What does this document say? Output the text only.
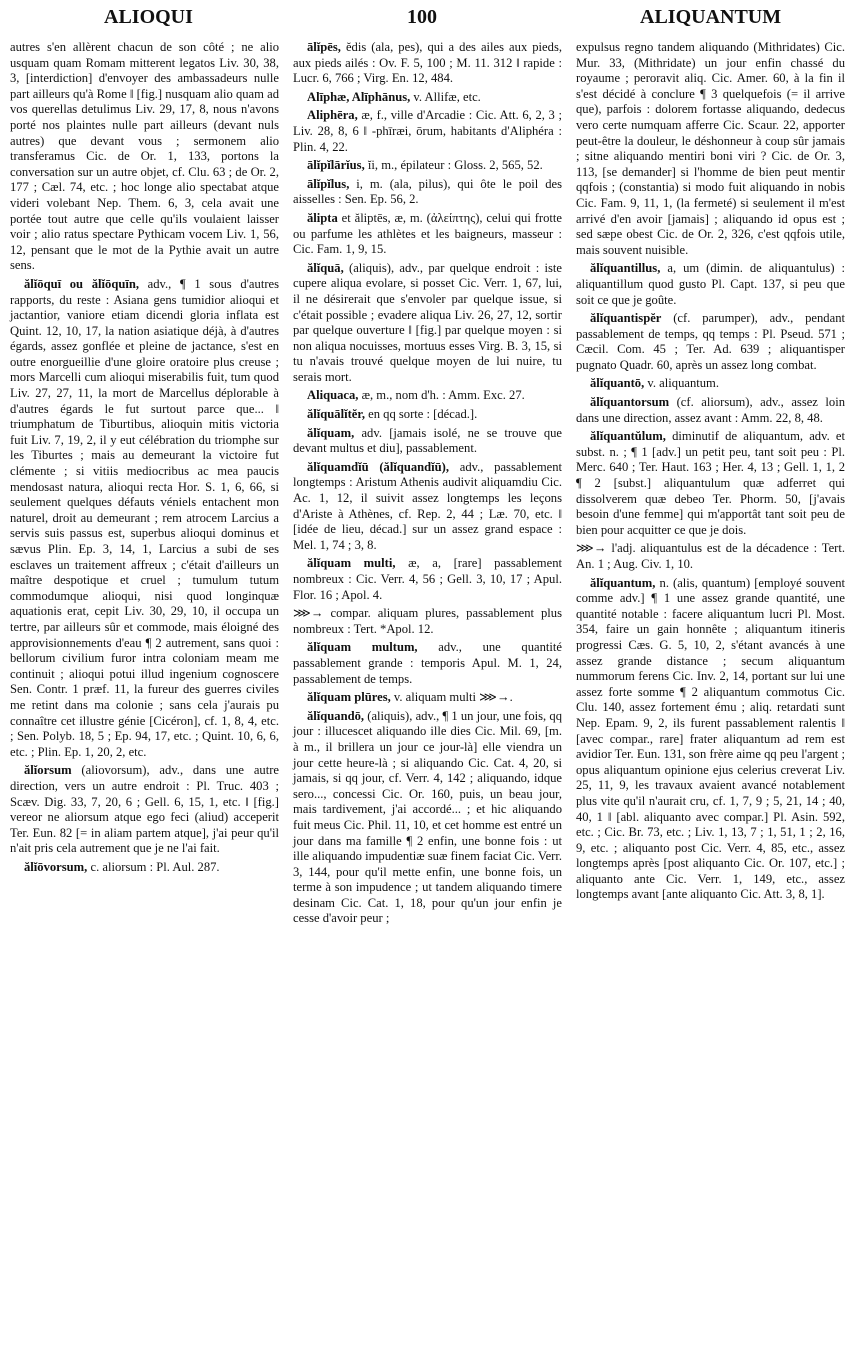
ALIOQUI	100	ALIQUANTUM

autres s'en allèrent chacun de son côté ; ne alio usquam quam Romam mitterent legatos Liv. 30, 38, 3, [interdiction] d'envoyer des ambassadeurs nulle part ailleurs qu'à Rome ‖ [fig.] nusquam alio quam ad vos querellas detulimus Liv. 29, 17, 8, nous n'avons porté nos plaintes nulle part ailleurs (devant nuls autres) que devant vous ; sermonem alio transferamus Cic. de Or. 1, 133, portons la conversation sur un autre objet, cf. Clu. 63 ; de Or. 2, 177 ; Cæl. 74, etc. ; hoc longe alio spectabat atque videri volebant Nep. Them. 6, 3, cela avait une portée tout autre que celle qu'ils voulaient laisser voir ; alio ratus spectare Pythicam vocem Liv. 1, 56, 12, pensant que le mot de la Pythie avait un autre sens.

ălĭōquī ou ălĭōquīn, adv., ¶ 1 sous d'autres rapports, du reste : Asiana gens tumidior alioqui et jactantior, vaniore etiam dicendi gloria inflata est Quint. 12, 10, 17, la nation asiatique déjà, à d'autres égards, assez gonflée et pleine de jactance, s'est en outre enorgueillie d'une gloire oratoire plus creuse ; mors Marcelli cum alioqui miserabilis fuit, tum quod Liv. 27, 27, 11, la mort de Marcellus déplorable à d'autres égards le fut surtout parce que... ‖ triumphatum de Tiburtibus, alioquin mitis victoria fuit Liv. 7, 19, 2, il y eut célébration du triomphe sur les Tiburtes ; mais au demeurant la victoire fut clémente ; si vitiis mediocribus ac mea paucis mendosast natura, alioqui recta Hor. S. 1, 6, 66, si seulement quelques défauts véniels entachent mon naturel, droit au demeurant ; rem atrocem Larcius a servis suis passus est, superbus alioqui dominus et sævus Plin. Ep. 3, 14, 1, Larcius a subi de ses esclaves un traitement affreux ; c'était d'ailleurs un maître despotique et cruel ; tumulum tutum commodumque alioqui, nisi quod longinquæ aquationis erat, cepit Liv. 30, 29, 10, il occupa un tertre, par ailleurs sûr et commode, mais éloigné des approvisionnements d'eau ¶ 2 autrement, sans quoi : bellorum civilium furor intra coloniam meam me continuit ; alioqui potui illud ingenium cognoscere Sen. Contr. 1 præf. 11, la fureur des guerres civiles me retint dans ma colonie ; sans cela j'aurais pu connaître cet illustre génie [Cicéron], cf. 1, 8, 4, etc. ; Sen. Polyb. 18, 5 ; Ep. 94, 17, etc. ; Quint. 10, 6, 6, etc. ; Plin. Ep. 1, 20, 2, etc.

ălĭorsum (aliovorsum), adv., dans une autre direction, vers un autre endroit : Pl. Truc. 403 ; Scæv. Dig. 33, 7, 20, 6 ; Gell. 6, 15, 1, etc. ‖ [fig.] vereor ne aliorsum atque ego feci (aliud) acceperit Ter. Eun. 82 [= in aliam partem atque], j'ai peur qu'il n'ait pris cela autrement que je ne l'ai fait.

ălĭōvorsum, c. aliorsum : Pl. Aul. 287.

ālĭpēs, ĕdis (ala, pes), qui a des ailes aux pieds, aux pieds ailés : Ov. F. 5, 100 ; M. 11. 312 ‖ rapide : Lucr. 6, 766 ; Virg. En. 12, 484.

Alīphæ, Alīphānus, v. Allifæ, etc.

Aliphēra, æ, f., ville d'Arcadie : Cic. Att. 6, 2, 3 ; Liv. 28, 8, 6 ‖ -phīræi, ōrum, habitants d'Aliphéra : Plin. 4, 22.

ālĭpĭlārĭus, ĭi, m., épilateur : Gloss. 2, 565, 52.

ālĭpĭlus, i, m. (ala, pilus), qui ôte le poil des aisselles : Sen. Ep. 56, 2.

ălipta et ăliptēs, æ, m. (ἀλείπτης), celui qui frotte ou parfume les athlètes et les baigneurs, masseur : Cic. Fam. 1, 9, 15.

ălĭquā, (aliquis), adv., par quelque endroit : iste cupere aliqua evolare, si posset Cic. Verr. 1, 67, lui, il ne désirerait que s'envoler par quelque issue, si c'était possible ; evadere aliqua Liv. 26, 27, 12, sortir par quelque ouverture ‖ [fig.] par quelque moyen : si non aliqua nocuisses, mortuus esses Virg. B. 3, 15, si tu n'avais trouvé quelque moyen de lui nuire, tu serais mort.

Aliquaca, æ, m., nom d'h. : Amm. Exc. 27.

ălĭquālĭtĕr, en qq sorte : [décad.].

ălĭquam, adv. [jamais isolé, ne se trouve que devant multus et diu], passablement.

ălĭquamdĭū (ălĭquandĭū), adv., passablement longtemps : Aristum Athenis audivit aliquamdiu Cic. Ac. 1, 12, il suivit assez longtemps les leçons d'Ariste à Athènes, cf. Rep. 2, 44 ; Læ. 70, etc. ‖ [idée de lieu, décad.] sur un assez grand espace : Mel. 1, 74 ; 3, 8.

ălĭquam multi, æ, a, [rare] passablement nombreux : Cic. Verr. 4, 56 ; Gell. 3, 10, 17 ; Apul. Flor. 16 ; Apol. 4.

⋙→ compar. aliquam plures, passablement plus nombreux : Tert. *Apol. 12.

ălĭquam multum, adv., une quantité passablement grande : temporis Apul. M. 1, 24, passablement de temps.

ălĭquam plūres, v. aliquam multi ⋙→.

ălĭquandō, (aliquis), adv., ¶ 1 un jour, une fois, qq jour : illucescet aliquando ille dies Cic. Mil. 69, [m. à m., il brillera un jour ce jour-là] elle viendra un jour cette heure-là ; si aliquando Cic. Cat. 4, 20, si jamais, si qq jour, cf. Verr. 4, 142 ; aliquando, idque sero..., concessi Cic. Or. 160, puis, un beau jour, mais tardivement, j'ai accordé... ; et hic aliquando fuit meus Cic. Phil. 11, 10, et cet homme est entré un jour dans ma famille ¶ 2 enfin, une bonne fois : ut ille aliquando impudentiæ suæ finem faciat Cic. Verr. 3, 144, pour qu'il mette enfin, une bonne fois, un terme à son impudence ; ut tandem aliquando timere desinam Cic. Cat. 1, 18, pour qu'un jour enfin je cesse d'avoir peur ;

expulsus regno tandem aliquando (Mithridates) Cic. Mur. 33, (Mithridate) un jour enfin chassé du royaume ; peroravit aliq. Cic. Amer. 60, à la fin il s'est décidé à conclure ¶ 3 quelquefois (= il arrive que), parfois : dolorem fortasse aliquando, dedecus vero certe numquam afferre Cic. Scaur. 22, apporter peut-être la douleur, le déshonneur à coup sûr jamais ; sitne aliquando mentiri boni viri ? Cic. de Or. 3, 113, [se demander] si l'homme de bien peut mentir qqfois ; (constantia) si modo fuit aliquando in nobis Cic. Fam. 9, 11, 1, (la fermeté) si seulement il m'est arrivé d'en avoir [jamais] ; aliquando id opus est ; sed sæpe obest Cic. de Or. 2, 326, c'est qqfois utile, mais souvent nuisible.

ălĭquantillus, a, um (dimin. de aliquantulus) : aliquantillum quod gusto Pl. Capt. 137, si peu que soit ce que je goûte.

ălĭquantispĕr (cf. parumper), adv., pendant passablement de temps, qq temps : Pl. Pseud. 571 ; Cæcil. Com. 45 ; Ter. Ad. 639 ; aliquantisper pugnato Quadr. 60, après un assez long combat.

ălĭquantō, v. aliquantum.

ălĭquantorsum (cf. aliorsum), adv., assez loin dans une direction, assez avant : Amm. 22, 8, 48.

ălĭquantŭlum, diminutif de aliquantum, adv. et subst. n. ; ¶ 1 [adv.] un petit peu, tant soit peu : Pl. Merc. 640 ; Ter. Haut. 163 ; Her. 4, 13 ; Gell. 1, 1, 2 ¶ 2 [subst.] aliquantulum quæ adferret qui dissolverem quæ debeo Ter. Phorm. 50, [j'avais besoin d'une femme] qui m'apportât tant soit peu de bien pour acquitter ce que je dois.

⋙→ l'adj. aliquantulus est de la décadence : Tert. An. 1 ; Aug. Civ. 1, 10.

ălĭquantum, n. (alis, quantum) [employé souvent comme adv.] ¶ 1 une assez grande quantité, une quantité notable : facere aliquantum lucri Pl. Most. 354, faire un gain honnête ; aliquantum itineris progressi Cæs. G. 5, 10, 2, s'étant avancés à une assez grande distance ; secum aliquantum nummorum ferens Cic. Inv. 2, 14, portant sur lui une assez forte somme ¶ 2 aliquantum commotus Cic. Clu. 140, assez fortement ému ; aliq. retardati sunt Nep. Epam. 9, 2, ils furent passablement ralentis ‖ [avec compar., rare] frater aliquantum ad rem est avidior Ter. Eun. 131, son frère aime qq peu l'argent ; opus aliquantum opinione ejus celerius creverat Liv. 25, 11, 9, les travaux avaient avancé notablement plus vite qu'il n'aurait cru, cf. 1, 7, 9 ; 5, 21, 14 ; 40, 40, 1 ‖ [abl. aliquanto avec compar.] Pl. Asin. 592, etc. ; Cic. Br. 73, etc. ; Liv. 1, 13, 7 ; 1, 51, 1 ; 2, 16, 9, etc. ; aliquanto post Cic. Verr. 4, 85, etc., assez longtemps après [post aliquanto Cic. Or. 107, etc.] ; aliquanto ante Cic. Verr. 1, 149, etc., assez longtemps avant [ante aliquanto Cic. Att. 3, 8, 1].
